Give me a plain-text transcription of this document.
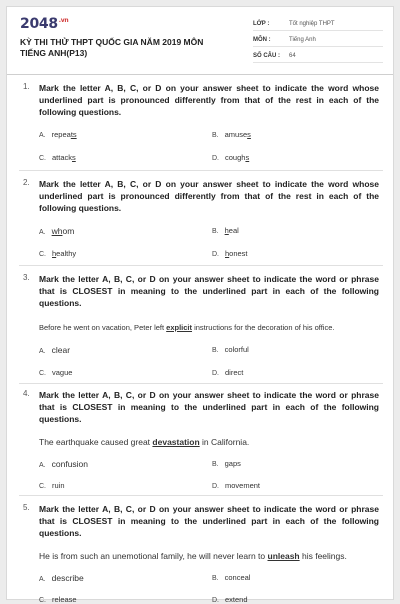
$2048^{.vn}$
KỲ THI THỬ THPT QUỐC GIA NĂM 2019 MÔN TIẾNG ANH(P13)
LỚP :	Tốt nghiệp THPT
MÔN :	Tiếng Anh
SỐ CÂU : 64
1. Mark the letter A, B, C, or D on your answer sheet to indicate the word whose underlined part is pronounced differently from that of the rest in each of the following questions.
A. repeats	B. amuses
C. attacks	D. coughs
2. Mark the letter A, B, C, or D on your answer sheet to indicate the word whose underlined part is pronounced differently from that of the rest in each of the following questions.
A. whom	B. heal
C. healthy	D. honest
3. Mark the letter A, B, C, or D on your answer sheet to indicate the word or phrase that is CLOSEST in meaning to the underlined part in each of the following questions.
Before he went on vacation, Peter left explicit instructions for the decoration of his office.
A. clear	B. colorful
C. vague	D. direct
4. Mark the letter A, B, C, or D on your answer sheet to indicate the word or phrase that is CLOSEST in meaning to the underlined part in each of the following questions.
The earthquake caused great devastation in California.
A. confusion	B. gaps
C. ruin	D. movement
5. Mark the letter A, B, C, or D on your answer sheet to indicate the word or phrase that is CLOSEST in meaning to the underlined part in each of the following questions.
He is from such an unemotional family, he will never learn to unleash his feelings.
A. describe	B. conceal
C. release	D. extend
